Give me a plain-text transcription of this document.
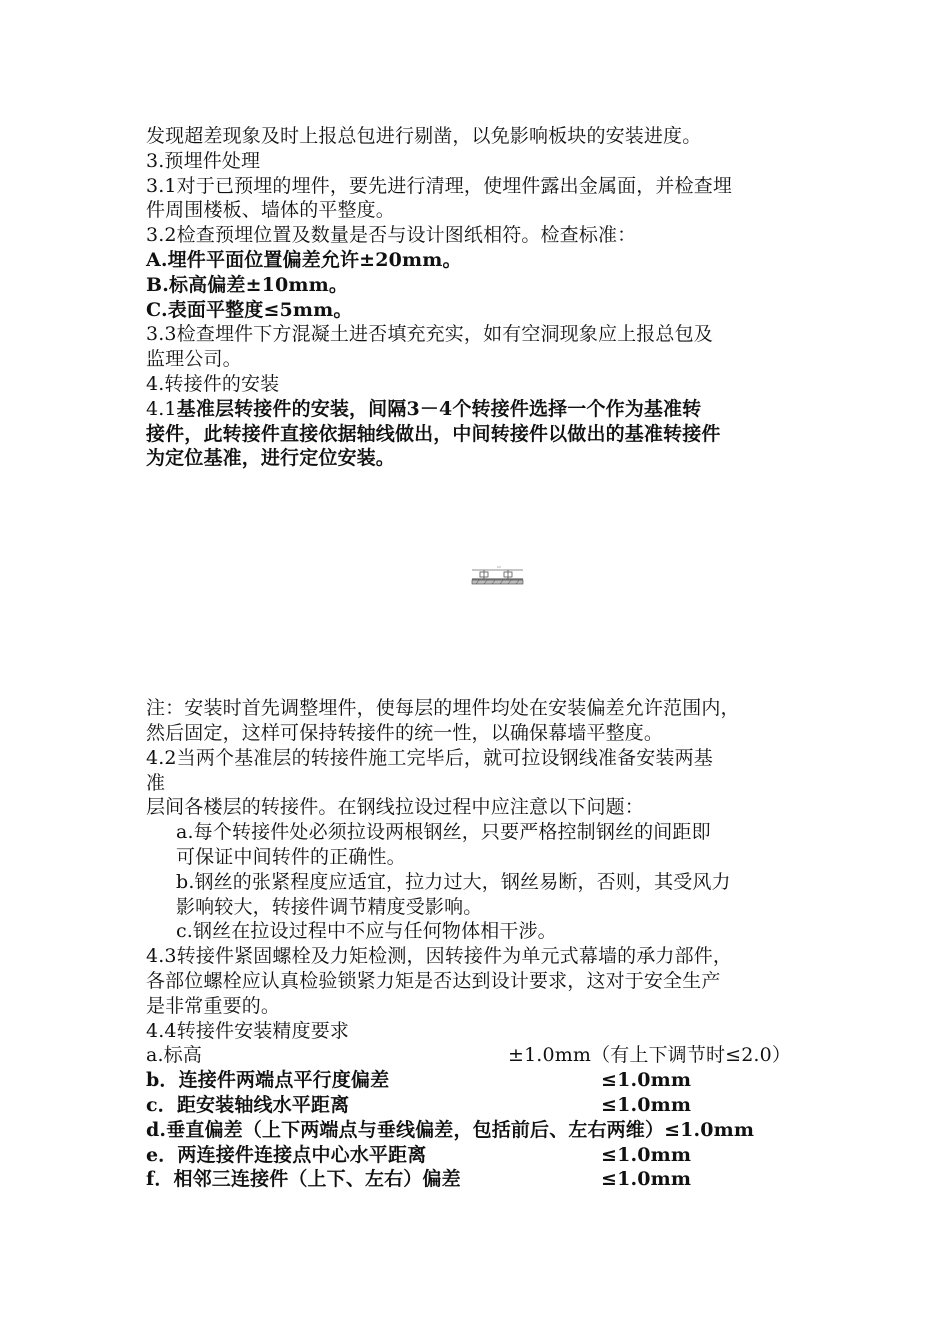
发现超差现象及时上报总包进行剔凿，以免影响板块的安装进度。
3.预埋件处理
3.1对于已预埋的埋件，要先进行清理，使埋件露出金属面，并检查埋
件周围楼板、墙体的平整度。
3.2检查预埋位置及数量是否与设计图纸相符。检查标准：
A.埋件平面位置偏差允许±20mm。
B.标高偏差±10mm。
C.表面平整度≤5mm。
3.3检查埋件下方混凝土进否填充充实，如有空洞现象应上报总包及
监理公司。
4.转接件的安装
4.1基准层转接件的安装，间隔3－4个转接件选择一个作为基准转
接件，此转接件直接依据轴线做出，中间转接件以做出的基准转接件
为定位基准，进行定位安装。
注：安装时首先调整埋件，使每层的埋件均处在安装偏差允许范围内，
然后固定，这样可保持转接件的统一性，以确保幕墙平整度。
4.2当两个基准层的转接件施工完毕后，就可拉设钢线准备安装两基
准
层间各楼层的转接件。在钢线拉设过程中应注意以下问题：
a.每个转接件处必须拉设两根钢丝，只要严格控制钢丝的间距即
可保证中间转件的正确性。
b.钢丝的张紧程度应适宜，拉力过大，钢丝易断，否则，其受风力
影响较大，转接件调节精度受影响。
c.钢丝在拉设过程中不应与任何物体相干涉。
4.3转接件紧固螺栓及力矩检测，因转接件为单元式幕墙的承力部件，
各部位螺栓应认真检验锁紧力矩是否达到设计要求，这对于安全生产
是非常重要的。
4.4转接件安装精度要求
a.标高	±1.0mm（有上下调节时≤2.0）
b．连接件两端点平行度偏差	≤1.0mm
c．距安装轴线水平距离	≤1.0mm
d.垂直偏差（上下两端点与垂线偏差，包括前后、左右两维）≤1.0mm
e．两连接件连接点中心水平距离	≤1.0mm
f．相邻三连接件（上下、左右）偏差	≤1.0mm
